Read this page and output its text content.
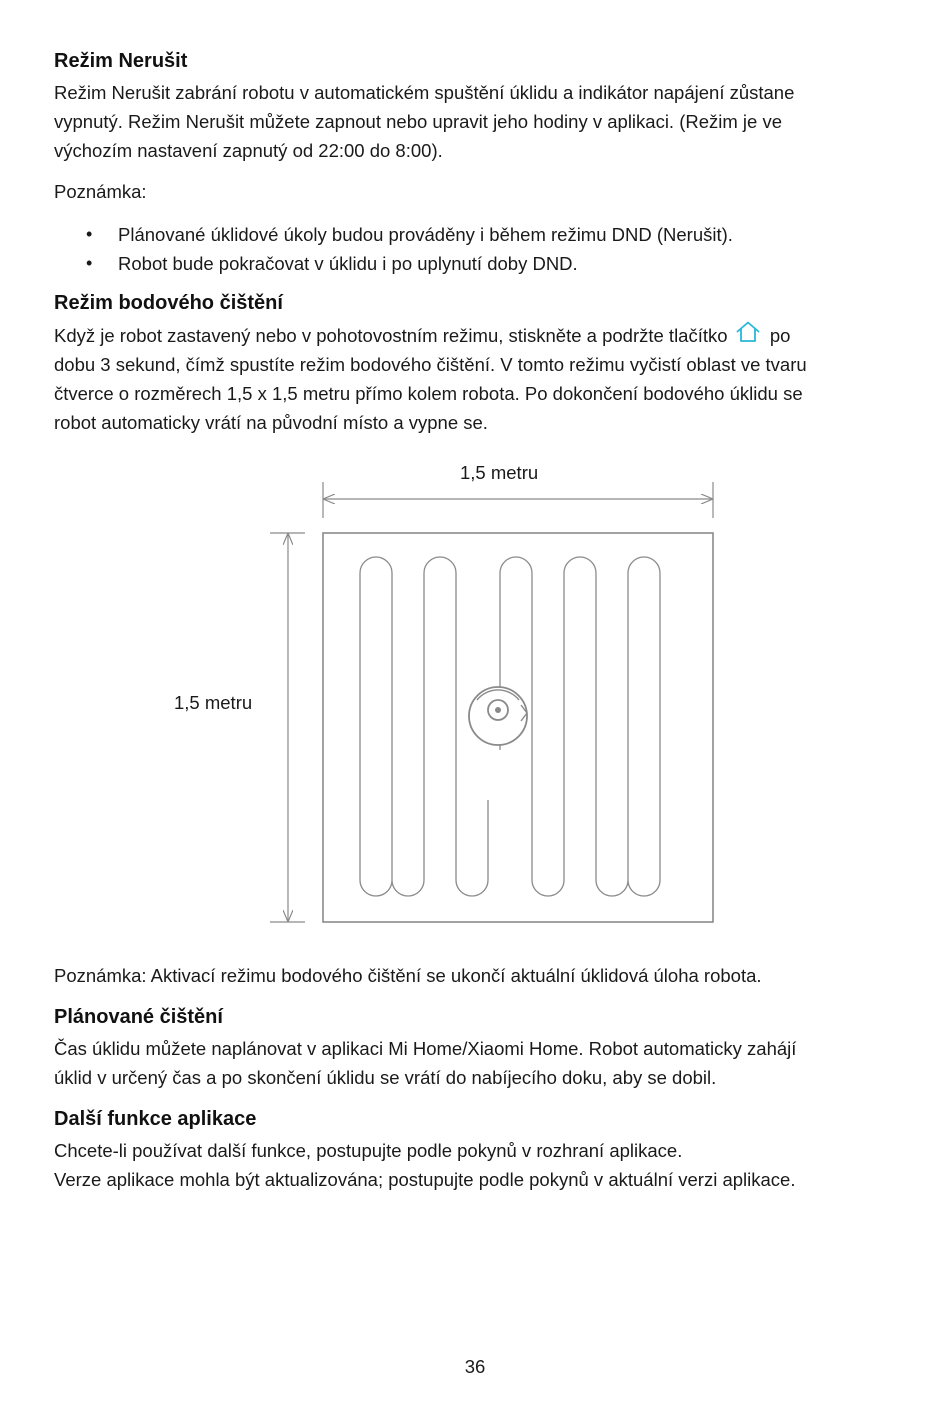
Režim Nerušit

Režim Nerušit zabrání robotu v automatickém spuštění úklidu a indikátor napájení zůstane
vypnutý. Režim Nerušit můžete zapnout nebo upravit jeho hodiny v aplikaci. (Režim je ve
výchozím nastavení zapnutý od 22:00 do 8:00).

Poznámka:

• Plánované úklidové úkoly budou prováděny i během režimu DND (Nerušit).
• Robot bude pokračovat v úklidu i po uplynutí doby DND.
Režim bodového čištění

Když je robot zastavený nebo v pohotovostním režimu, stiskněte a podržte tlačítko po
dobu 3 sekund, čímž spustíte režim bodového čištění. V tomto režimu vyčistí oblast ve tvaru
čtverce o rozměrech 1,5 x 1,5 metru přímo kolem robota. Po dokončení bodového úklidu se
robot automaticky vrátí na původní místo a vypne se.

1,5 metru
1,5 metru

Poznámka: Aktivací režimu bodového čištění se ukončí aktuální úklidová úloha robota.

Plánované čištění

Čas úklidu můžete naplánovat v aplikaci Mi Home/Xiaomi Home. Robot automaticky zahájí
úklid v určený čas a po skončení úklidu se vrátí do nabíjecího doku, aby se dobil.

Další funkce aplikace

Chcete-li používat další funkce, postupujte podle pokynů v rozhraní aplikace.
Verze aplikace mohla být aktualizována; postupujte podle pokynů v aktuální verzi aplikace.

36
